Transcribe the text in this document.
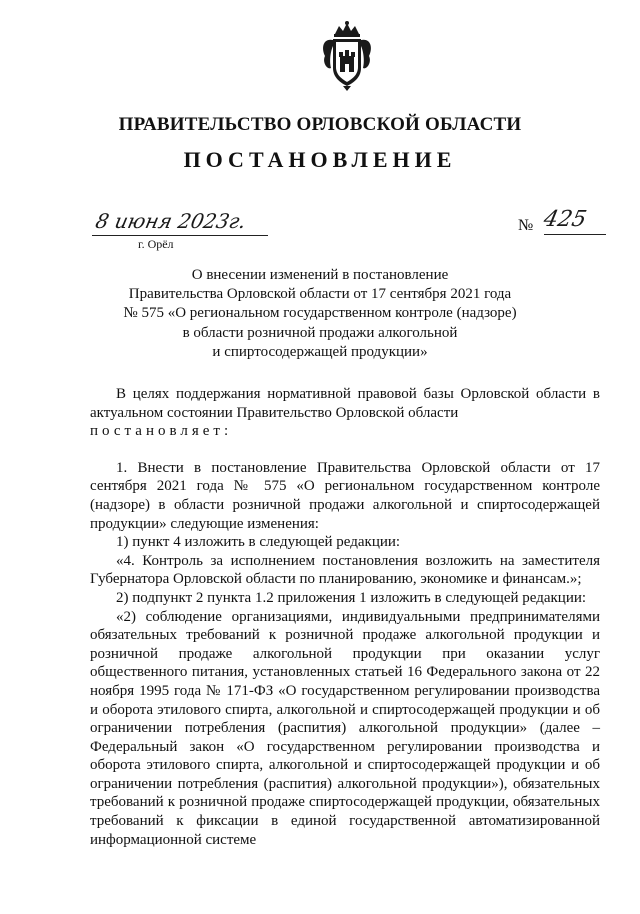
ПРАВИТЕЛЬСТВО ОРЛОВСКОЙ ОБЛАСТИ
ПОСТАНОВЛЕНИЕ
8 июня 2023г.
г. Орёл
№ 425
О внесении изменений в постановление
Правительства Орловской области от 17 сентября 2021 года
№ 575 «О региональном государственном контроле (надзоре)
в области розничной продажи алкогольной
и спиртосодержащей продукции»

В целях поддержания нормативной правовой базы Орловской области в актуальном состоянии Правительство Орловской области

постановляет:

1. Внести в постановление Правительства Орловской области от 17 сентября 2021 года № 575 «О региональном государственном контроле (надзоре) в области розничной продажи алкогольной и спиртосодержащей продукции» следующие изменения:

1) пункт 4 изложить в следующей редакции:

«4. Контроль за исполнением постановления возложить на заместителя Губернатора Орловской области по планированию, экономике и финансам.»;

2) подпункт 2 пункта 1.2 приложения 1 изложить в следующей редакции:

«2) соблюдение организациями, индивидуальными предпринимателями обязательных требований к розничной продаже алкогольной продукции и розничной продаже алкогольной продукции при оказании услуг общественного питания, установленных статьей 16 Федерального закона от 22 ноября 1995 года № 171-ФЗ «О государственном регулировании производства и оборота этилового спирта, алкогольной и спиртосодержащей продукции и об ограничении потребления (распития) алкогольной продукции» (далее – Федеральный закон «О государственном регулировании производства и оборота этилового спирта, алкогольной и спиртосодержащей продукции и об ограничении потребления (распития) алкогольной продукции»), обязательных требований к розничной продаже спиртосодержащей продукции, обязательных требований к фиксации в единой государственной автоматизированной информационной системе
